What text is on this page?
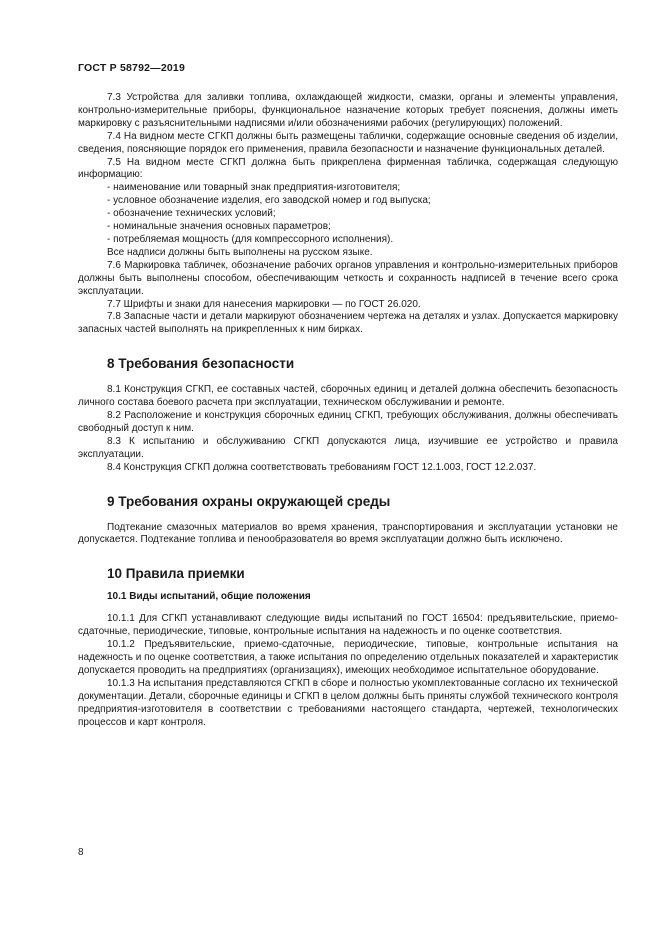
ГОСТ Р 58792—2019

7.3 Устройства для заливки топлива, охлаждающей жидкости, смазки, органы и элементы управления, контрольно-измерительные приборы, функциональное назначение которых требует пояснения, должны иметь маркировку с разъяснительными надписями и/или обозначениями рабочих (регулирующих) положений.

7.4 На видном месте СГКП должны быть размещены таблички, содержащие основные сведения об изделии, сведения, поясняющие порядок его применения, правила безопасности и назначение функциональных деталей.

7.5 На видном месте СГКП должна быть прикреплена фирменная табличка, содержащая следующую информацию:

- наименование или товарный знак предприятия-изготовителя;

- условное обозначение изделия, его заводской номер и год выпуска;

- обозначение технических условий;

- номинальные значения основных параметров;

- потребляемая мощность (для компрессорного исполнения).

Все надписи должны быть выполнены на русском языке.

7.6 Маркировка табличек, обозначение рабочих органов управления и контрольно-измерительных приборов должны быть выполнены способом, обеспечивающим четкость и сохранность надписей в течение всего срока эксплуатации.

7.7 Шрифты и знаки для нанесения маркировки — по ГОСТ 26.020.

7.8 Запасные части и детали маркируют обозначением чертежа на деталях и узлах. Допускается маркировку запасных частей выполнять на прикрепленных к ним бирках.

8 Требования безопасности

8.1 Конструкция СГКП, ее составных частей, сборочных единиц и деталей должна обеспечить безопасность личного состава боевого расчета при эксплуатации, техническом обслуживании и ремонте.

8.2 Расположение и конструкция сборочных единиц СГКП, требующих обслуживания, должны обеспечивать свободный доступ к ним.

8.3 К испытанию и обслуживанию СГКП допускаются лица, изучившие ее устройство и правила эксплуатации.

8.4 Конструкция СГКП должна соответствовать требованиям ГОСТ 12.1.003, ГОСТ 12.2.037.

9 Требования охраны окружающей среды

Подтекание смазочных материалов во время хранения, транспортирования и эксплуатации установки не допускается. Подтекание топлива и пенообразователя во время эксплуатации должно быть исключено.

10 Правила приемки
10.1 Виды испытаний, общие положения

10.1.1 Для СГКП устанавливают следующие виды испытаний по ГОСТ 16504: предъявительские, приемо-сдаточные, периодические, типовые, контрольные испытания на надежность и по оценке соответствия.

10.1.2 Предъявительские, приемо-сдаточные, периодические, типовые, контрольные испытания на надежность и по оценке соответствия, а также испытания по определению отдельных показателей и характеристик допускается проводить на предприятиях (организациях), имеющих необходимое испытательное оборудование.

10.1.3 На испытания представляются СГКП в сборе и полностью укомплектованные согласно их технической документации. Детали, сборочные единицы и СГКП в целом должны быть приняты службой технического контроля предприятия-изготовителя в соответствии с требованиями настоящего стандарта, чертежей, технологических процессов и карт контроля.

8
